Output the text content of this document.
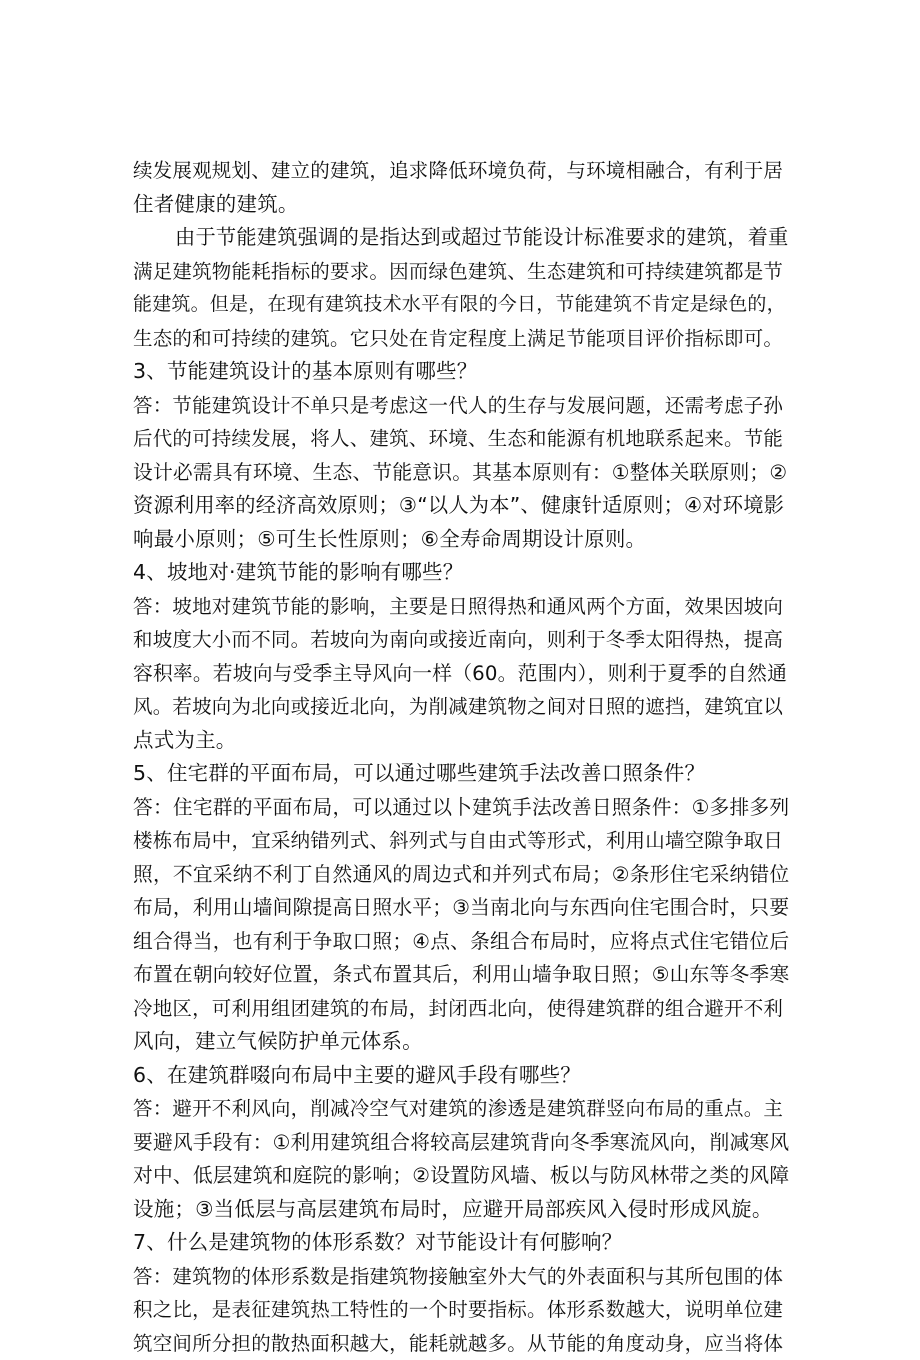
续发展观规划、建立的建筑，追求降低环境负荷，与环境相融合，有利于居
住者健康的建筑。
由于节能建筑强调的是指达到或超过节能设计标准要求的建筑，着重
满足建筑物能耗指标的要求。因而绿色建筑、生态建筑和可持续建筑都是节
能建筑。但是，在现有建筑技术水平有限的今日，节能建筑不肯定是绿色的，
生态的和可持续的建筑。它只处在肯定程度上满足节能项目评价指标即可。
3、节能建筑设计的基本原则有哪些？
答：节能建筑设计不单只是考虑这一代人的生存与发展问题，还需考虑子孙
后代的可持续发展，将人、建筑、环境、生态和能源有机地联系起来。节能
设计必需具有环境、生态、节能意识。其基本原则有：①整体关联原则；②
资源利用率的经济高效原则；③“以人为本”、健康针适原则；④对环境影
响最小原则；⑤可生长性原则；⑥全寿命周期设计原则。
4、坡地对·建筑节能的影响有哪些？
答：坡地对建筑节能的影响，主要是日照得热和通风两个方面，效果因坡向
和坡度大小而不同。若坡向为南向或接近南向，则利于冬季太阳得热，提高
容积率。若坡向与受季主导风向一样（60。范围内），则利于夏季的自然通
风。若坡向为北向或接近北向，为削减建筑物之间对日照的遮挡，建筑宜以
点式为主。
5、住宅群的平面布局，可以通过哪些建筑手法改善口照条件？
答：住宅群的平面布局，可以通过以卜建筑手法改善日照条件：①多排多列
楼栋布局中，宜采纳错列式、斜列式与自由式等形式，利用山墙空隙争取日
照，不宜采纳不利丁自然通风的周边式和并列式布局；②条形住宅采纳错位
布局，利用山墙间隙提高日照水平；③当南北向与东西向住宅围合时，只要
组合得当，也有利于争取口照；④点、条组合布局时，应将点式住宅错位后
布置在朝向较好位置，条式布置其后，利用山墙争取日照；⑤山东等冬季寒
冷地区，可利用组团建筑的布局，封闭西北向，使得建筑群的组合避开不利
风向，建立气候防护单元体系。
6、在建筑群啜向布局中主要的避风手段有哪些？
答：避开不利风向，削减冷空气对建筑的渗透是建筑群竖向布局的重点。主
要避风手段有：①利用建筑组合将较高层建筑背向冬季寒流风向，削减寒风
对中、低层建筑和庭院的影响；②设置防风墙、板以与防风林带之类的风障
设施；③当低层与高层建筑布局时，应避开局部疾风入侵时形成风旋。
7、什么是建筑物的体形系数？对节能设计有何膨响？
答：建筑物的体形系数是指建筑物接触室外大气的外表面积与其所包围的体
积之比，是表征建筑热工特性的一个时要指标。体形系数越大，说明单位建
筑空间所分担的散热面积越大，能耗就越多。从节能的角度动身，应当将体
